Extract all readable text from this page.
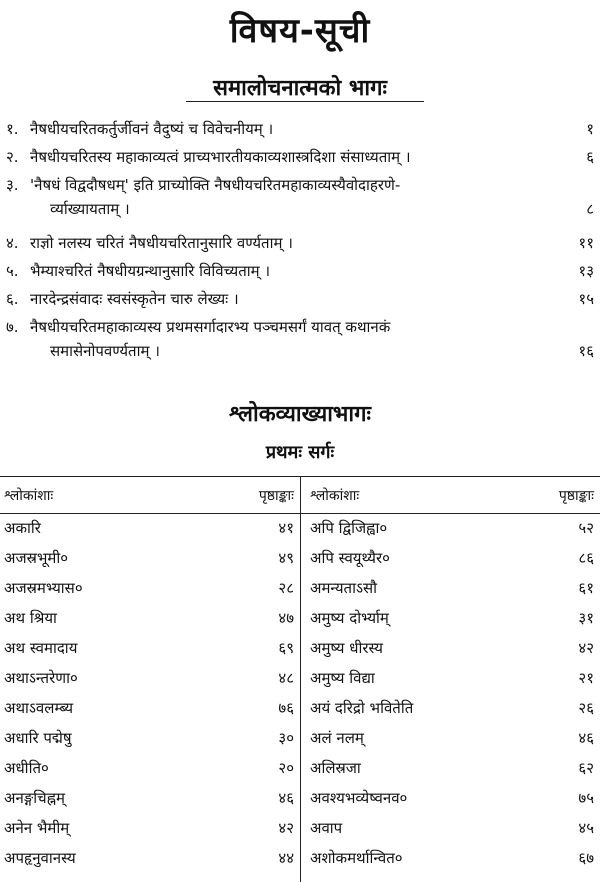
विषय-सूची
समालोचनात्मको भागः
१. नैषधीयचरितकर्तुर्जीवनं वैदुष्यं च विवेचनीयम् ।	१
२. नैषधीयचरितस्य महाकाव्यत्वं प्राच्यभारतीयकाव्यशास्त्रदिशा संसाध्यताम् ।	६
३. 'नैषधं विद्वदौषधम्' इति प्राच्योक्ति नैषधीयचरितमहाकाव्यस्यैवोदाहरणे-
र्व्याख्यायताम् ।	८
४. राज्ञो नलस्य चरितं नैषधीयचरितानुसारि वर्ण्यताम् ।	११
५. भैम्याश्चरितं नैषधीयग्रन्थानुसारि विविच्यताम् ।	१३
६. नारदेन्द्रसंवादः स्वसंस्कृतेन चारु लेख्यः ।	१५
७. नैषधीयचरितमहाकाव्यस्य प्रथमसर्गादारभ्य पञ्चमसर्गं यावत् कथानकं
समासेनोपवर्ण्यताम् ।	१६
श्लोकव्याख्याभागः
प्रथमः सर्गः
श्लोकांशाः	पृष्ठाङ्काः श्लोकांशाः	पृष्ठाङ्काः
अकारि	४१ अपि द्विजिह्वा०	५२
अजस्रभूमी०	४९ अपि स्वयूथ्यैर०	८६
अजस्रमभ्यास०	२८ अमन्यताऽसौ	६१
अथ श्रिया	४७ अमुष्य दोर्भ्याम्	३१
अथ स्वमादाय	६९ अमुष्य धीरस्य	४२
अथाऽन्तरेणा०	४८ अमुष्य विद्या	२१
अथाऽवलम्ब्य	७६ अयं दरिद्रो भवितेति	२६
अधारि पद्मेषु	३० अलं नलम्	४६
अधीति०	२० अलिस्रजा	६२
अनङ्गचिह्नम्	४६ अवश्यभव्येष्वनव०	७५
अनेन भैमीम्	४२ अवाप	४५
अपहृनुवानस्य	४४ अशोकमर्थान्वित०	६७
